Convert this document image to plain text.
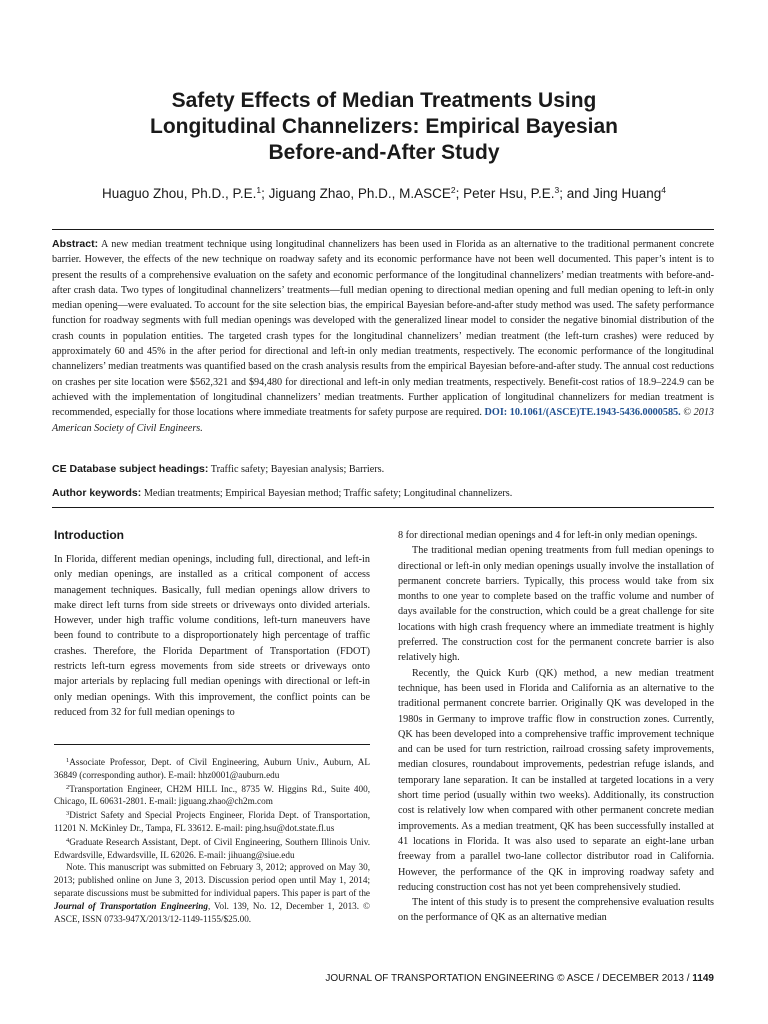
Safety Effects of Median Treatments Using
Longitudinal Channelizers: Empirical Bayesian
Before-and-After Study
Huaguo Zhou, Ph.D., P.E.$^1$; Jiguang Zhao, Ph.D., M.ASCE$^2$; Peter Hsu, P.E.$^3$; and Jing Huang$^4$
Abstract: A new median treatment technique using longitudinal channelizers has been used in Florida as an alternative to the traditional permanent concrete barrier. However, the effects of the new technique on roadway safety and its economic performance have not been well documented. This paper’s intent is to present the results of a comprehensive evaluation on the safety and economic performance of the longitudinal channelizers’ median treatments with before-and-after crash data. Two types of longitudinal channelizers’ treatments—full median opening to directional median opening and full median opening to left-in only median opening—were evaluated. To account for the site selection bias, the empirical Bayesian before-and-after study method was used. The safety performance function for roadway segments with full median openings was developed with the generalized linear model to consider the negative binomial distribution of the crash counts in population entities. The targeted crash types for the longitudinal channelizers’ median treatment (the left-turn crashes) were reduced by approximately 60 and 45% in the after period for directional and left-in only median treatments, respectively. The economic performance of the longitudinal channelizers’ median treatments was quantified based on the crash analysis results from the empirical Bayesian before-and-after study. The annual cost reductions on crashes per site location were $562,321 and $94,480 for directional and left-in only median treatments, respectively. Benefit-cost ratios of 18.9–224.9 can be achieved with the implementation of longitudinal channelizers’ median treatments. Further application of longitudinal channelizers for median treatment is recommended, especially for those locations where immediate treatments for safety purpose are required. DOI: 10.1061/(ASCE)TE.1943-5436.0000585. © 2013 American Society of Civil Engineers.
CE Database subject headings: Traffic safety; Bayesian analysis; Barriers.
Author keywords: Median treatments; Empirical Bayesian method; Traffic safety; Longitudinal channelizers.
Introduction

In Florida, different median openings, including full, directional, and left-in only median openings, are installed as a critical component of access management techniques. Basically, full median openings allow drivers to make direct left turns from side streets or driveways onto divided arterials. However, under high traffic volume conditions, left-turn maneuvers have been found to contribute to a disproportionately high percentage of traffic crashes. Therefore, the Florida Department of Transportation (FDOT) restricts left-turn egress movements from side streets or driveways onto major arterials by replacing full median openings with directional or left-in only median openings. With this improvement, the conflict points can be reduced from 32 for full median openings to

$^1$Associate Professor, Dept. of Civil Engineering, Auburn Univ., Auburn, AL 36849 (corresponding author). E-mail: hhz0001@auburn.edu

$^2$Transportation Engineer, CH2M HILL Inc., 8735 W. Higgins Rd., Suite 400, Chicago, IL 60631-2801. E-mail: jiguang.zhao@ch2m.com

$^3$District Safety and Special Projects Engineer, Florida Dept. of Transportation, 11201 N. McKinley Dr., Tampa, FL 33612. E-mail: ping.hsu@dot.state.fl.us

$^4$Graduate Research Assistant, Dept. of Civil Engineering, Southern Illinois Univ. Edwardsville, Edwardsville, IL 62026. E-mail: jihuang@siue.edu

Note. This manuscript was submitted on February 3, 2012; approved on May 30, 2013; published online on June 3, 2013. Discussion period open until May 1, 2014; separate discussions must be submitted for individual papers. This paper is part of the Journal of Transportation Engineering, Vol. 139, No. 12, December 1, 2013. © ASCE, ISSN 0733-947X/2013/12-1149-1155/$25.00.

8 for directional median openings and 4 for left-in only median openings.

The traditional median opening treatments from full median openings to directional or left-in only median openings usually involve the installation of permanent concrete barriers. Typically, this process would take from six months to one year to complete based on the traffic volume and number of days available for the construction, which could be a great challenge for site locations with high crash frequency where an immediate treatment is highly preferred. The construction cost for the permanent concrete barrier is also relatively high.

Recently, the Quick Kurb (QK) method, a new median treatment technique, has been used in Florida and California as an alternative to the traditional permanent concrete barrier. Originally QK was developed in the 1980s in Germany to improve traffic flow in construction zones. Currently, QK has been developed into a comprehensive traffic improvement technique and can be used for turn restriction, railroad crossing safety improvements, median closures, roundabout improvements, pedestrian refuge islands, and temporary lane separation. It can be installed at targeted locations in a very short time period (usually within two weeks). Additionally, its construction cost is relatively low when compared with other permanent concrete median improvements. As a median treatment, QK has been successfully installed at 41 locations in Florida. It was also used to separate an eight-lane urban freeway from a parallel two-lane collector distributor road in California. However, the performance of the QK in improving roadway safety and reducing construction cost has not yet been comprehensively studied.

The intent of this study is to present the comprehensive evaluation results on the performance of QK as an alternative median

JOURNAL OF TRANSPORTATION ENGINEERING © ASCE / DECEMBER 2013 / 1149
